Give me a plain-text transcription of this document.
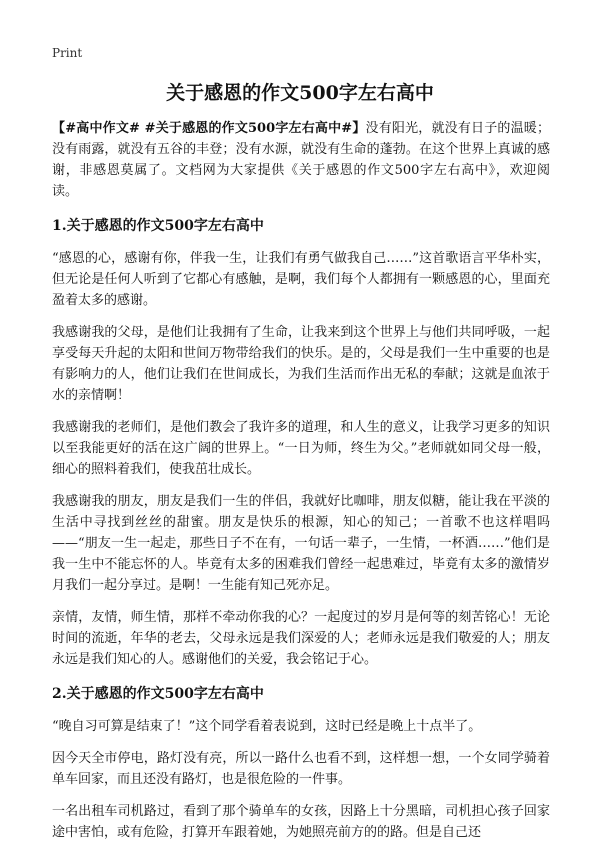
Print
关于感恩的作文500字左右高中

【#高中作文# #关于感恩的作文500字左右高中#】没有阳光，就没有日子的温暖；没有雨露，就没有五谷的丰登；没有水源，就没有生命的蓬勃。在这个世界上真诚的感谢，非感恩莫属了。文档网为大家提供《关于感恩的作文500字左右高中》，欢迎阅读。

1.关于感恩的作文500字左右高中

“感恩的心，感谢有你，伴我一生，让我们有勇气做我自己……”这首歌语言平华朴实，但无论是任何人听到了它都心有感触，是啊，我们每个人都拥有一颗感恩的心，里面充盈着太多的感谢。

我感谢我的父母，是他们让我拥有了生命，让我来到这个世界上与他们共同呼吸，一起享受每天升起的太阳和世间万物带给我们的快乐。是的，父母是我们一生中重要的也是有影响力的人，他们让我们在世间成长，为我们生活而作出无私的奉献；这就是血浓于水的亲情啊！

我感谢我的老师们，是他们教会了我许多的道理，和人生的意义，让我学习更多的知识以至我能更好的活在这广阔的世界上。“一日为师，终生为父。”老师就如同父母一般，细心的照料着我们，使我茁壮成长。

我感谢我的朋友，朋友是我们一生的伴侣，我就好比咖啡，朋友似糖，能让我在平淡的生活中寻找到丝丝的甜蜜。朋友是快乐的根源，知心的知己；一首歌不也这样唱吗——“朋友一生一起走，那些日子不在有，一句话一辈子，一生情，一杯酒……”他们是我一生中不能忘怀的人。毕竟有太多的困难我们曾经一起患难过，毕竟有太多的激情岁月我们一起分享过。是啊！一生能有知己死亦足。

亲情，友情，师生情，那样不牵动你我的心？一起度过的岁月是何等的刻苦铭心！无论时间的流逝，年华的老去，父母永远是我们深爱的人；老师永远是我们敬爱的人；朋友永远是我们知心的人。感谢他们的关爱，我会铭记于心。

2.关于感恩的作文500字左右高中

“晚自习可算是结束了！”这个同学看着表说到，这时已经是晚上十点半了。

因今天全市停电，路灯没有亮，所以一路什么也看不到，这样想一想，一个女同学骑着单车回家，而且还没有路灯，也是很危险的一件事。

一名出租车司机路过，看到了那个骑单车的女孩，因路上十分黑暗，司机担心孩子回家途中害怕，或有危险，打算开车跟着她，为她照亮前方的的路。但是自己还
